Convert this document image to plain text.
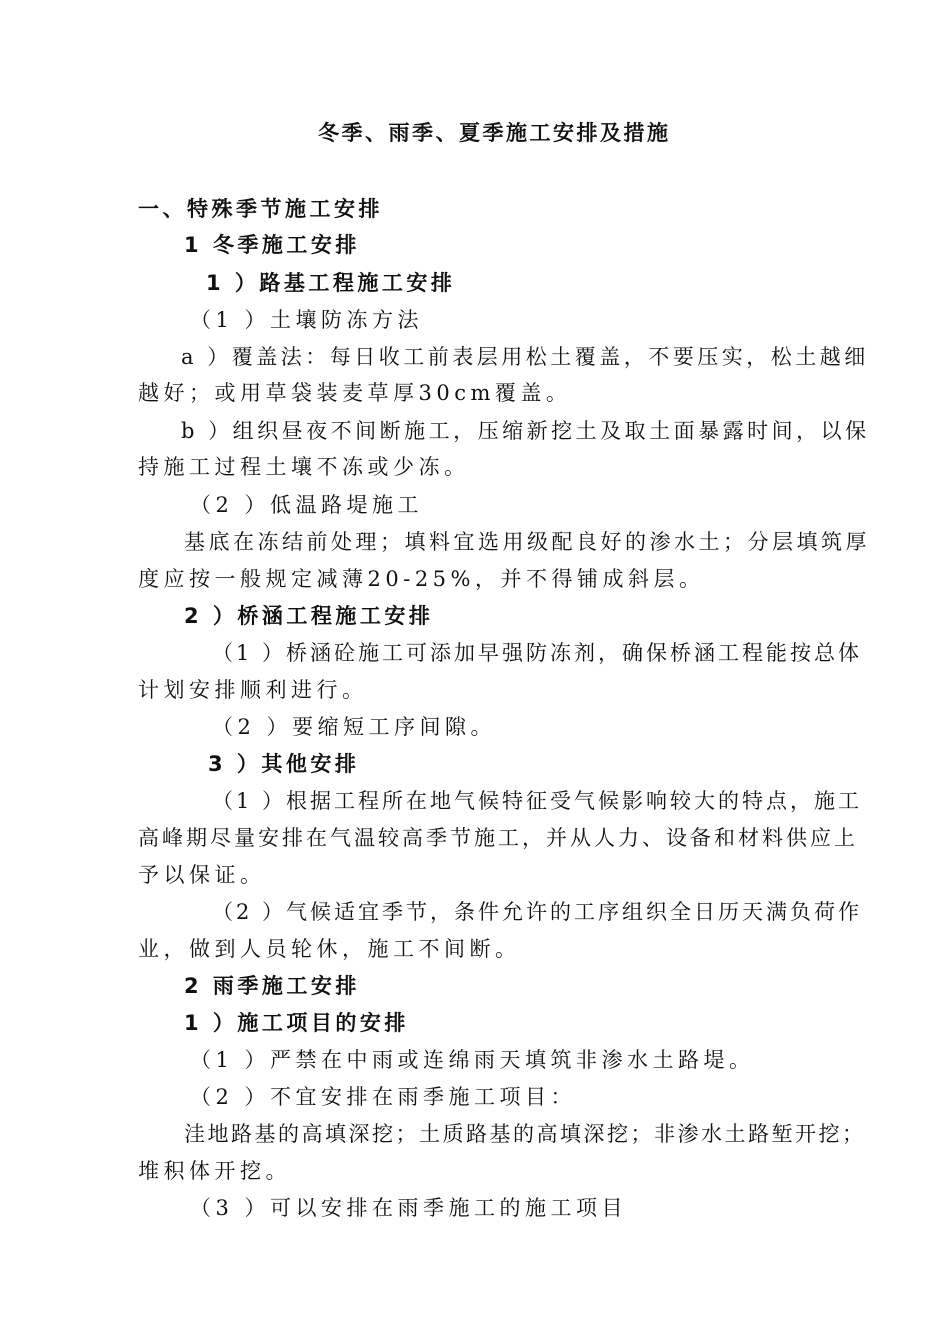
冬季、雨季、夏季施工安排及措施
一、特殊季节施工安排
1 冬季施工安排
1 ）路基工程施工安排
（1 ）土壤防冻方法
a ）覆盖法：每日收工前表层用松土覆盖，不要压实，松土越细
越好；或用草袋装麦草厚30cm覆盖。
b ）组织昼夜不间断施工，压缩新挖土及取土面暴露时间，以保
持施工过程土壤不冻或少冻。
（2 ）低温路堤施工
基底在冻结前处理；填料宜选用级配良好的渗水土；分层填筑厚
度应按一般规定减薄20-25%，并不得铺成斜层。
2 ）桥涵工程施工安排
（1 ）桥涵砼施工可添加早强防冻剂，确保桥涵工程能按总体
计划安排顺利进行。
（2 ）要缩短工序间隙。
3 ）其他安排
（1 ）根据工程所在地气候特征受气候影响较大的特点，施工
高峰期尽量安排在气温较高季节施工，并从人力、设备和材料供应上
予以保证。
（2 ）气候适宜季节，条件允许的工序组织全日历天满负荷作
业，做到人员轮休，施工不间断。
2 雨季施工安排
1 ）施工项目的安排
（1 ）严禁在中雨或连绵雨天填筑非渗水土路堤。
（2 ）不宜安排在雨季施工项目：
洼地路基的高填深挖；土质路基的高填深挖；非渗水土路堑开挖；
堆积体开挖。
（3 ）可以安排在雨季施工的施工项目
